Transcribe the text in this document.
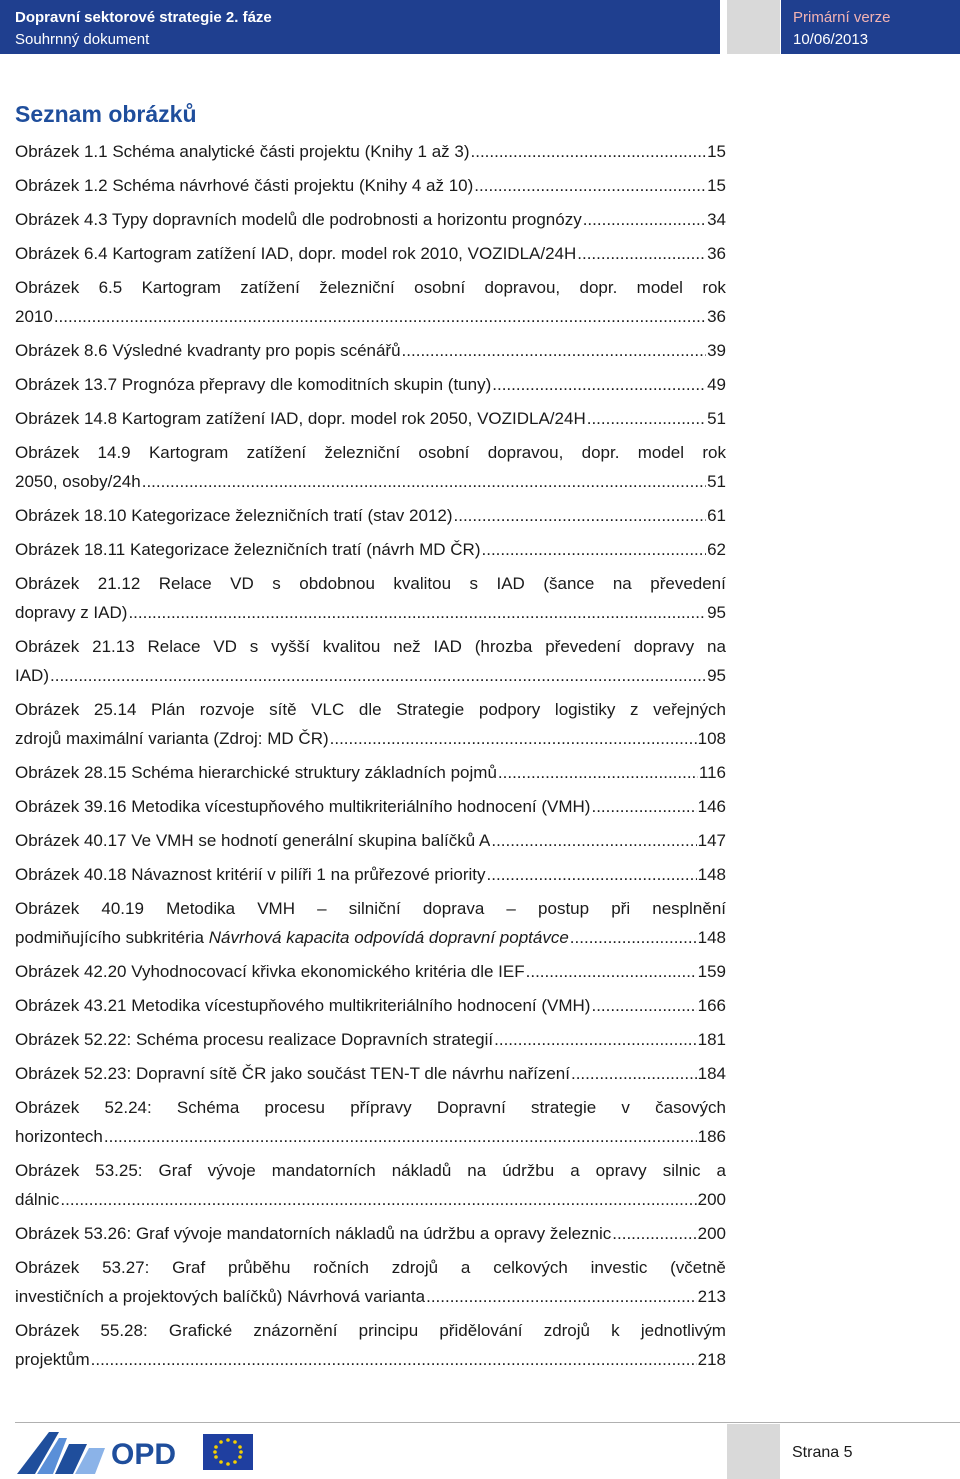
Dopravní sektorové strategie 2. fáze
Souhrnný dokument
Primární verze
10/06/2013
Seznam obrázků
Obrázek 1.1 Schéma analytické části projektu (Knihy 1 až 3) .....	15
Obrázek 1.2 Schéma návrhové části projektu (Knihy 4 až 10) .....	15
Obrázek 4.3 Typy dopravních modelů dle podrobnosti a horizontu prognózy .....	34
Obrázek 6.4 Kartogram zatížení IAD, dopr. model rok 2010, VOZIDLA/24H .....	36
Obrázek 6.5 Kartogram zatížení železniční osobní dopravou, dopr. model rok
2010 .....	36
Obrázek 8.6 Výsledné kvadranty pro popis scénářů .....	39
Obrázek 13.7 Prognóza přepravy dle komoditních skupin (tuny) .....	49
Obrázek 14.8 Kartogram zatížení IAD, dopr. model rok 2050, VOZIDLA/24H .....	51
Obrázek 14.9 Kartogram zatížení železniční osobní dopravou, dopr. model rok
2050, osoby/24h .....	51
Obrázek 18.10 Kategorizace železničních tratí (stav 2012) .....	61
Obrázek 18.11 Kategorizace železničních tratí (návrh MD ČR) .....	62
Obrázek 21.12 Relace VD s obdobnou kvalitou s IAD (šance na převedení
dopravy z IAD) .....	95
Obrázek 21.13 Relace VD s vyšší kvalitou než IAD (hrozba převedení dopravy na
IAD) .....	95
Obrázek 25.14 Plán rozvoje sítě VLC dle Strategie podpory logistiky z veřejných
zdrojů maximální varianta (Zdroj: MD ČR) .....	108
Obrázek 28.15 Schéma hierarchické struktury základních pojmů .....	116
Obrázek 39.16 Metodika vícestupňového multikriteriálního hodnocení (VMH) .....	146
Obrázek 40.17 Ve VMH se hodnotí generální skupina balíčků A .....	147
Obrázek 40.18 Návaznost kritérií v pilíři 1 na průřezové priority .....	148
Obrázek 40.19 Metodika VMH – silniční doprava – postup při nesplnění
podmiňujícího subkritéria
Návrhová kapacita odpovídá dopravní poptávce .....	148
Obrázek 42.20 Vyhodnocovací křivka ekonomického kritéria dle IEF .....	159
Obrázek 43.21 Metodika vícestupňového multikriteriálního hodnocení (VMH) .....	166
Obrázek 52.22: Schéma procesu realizace Dopravních strategií .....	181
Obrázek 52.23: Dopravní sítě ČR jako součást TEN-T dle návrhu nařízení .....	184
Obrázek 52.24: Schéma procesu přípravy Dopravní strategie v časových
horizontech .....	186
Obrázek 53.25: Graf vývoje mandatorních nákladů na údržbu a opravy silnic a
dálnic .....	200
Obrázek 53.26: Graf vývoje mandatorních nákladů na údržbu a opravy železnic .....	200
Obrázek 53.27: Graf průběhu ročních zdrojů a celkových investic (včetně
investičních a projektových balíčků) Návrhová varianta .....	213
Obrázek 55.28: Grafické znázornění principu přidělování zdrojů k jednotlivým
projektům .....	218
OPD	Strana 5
